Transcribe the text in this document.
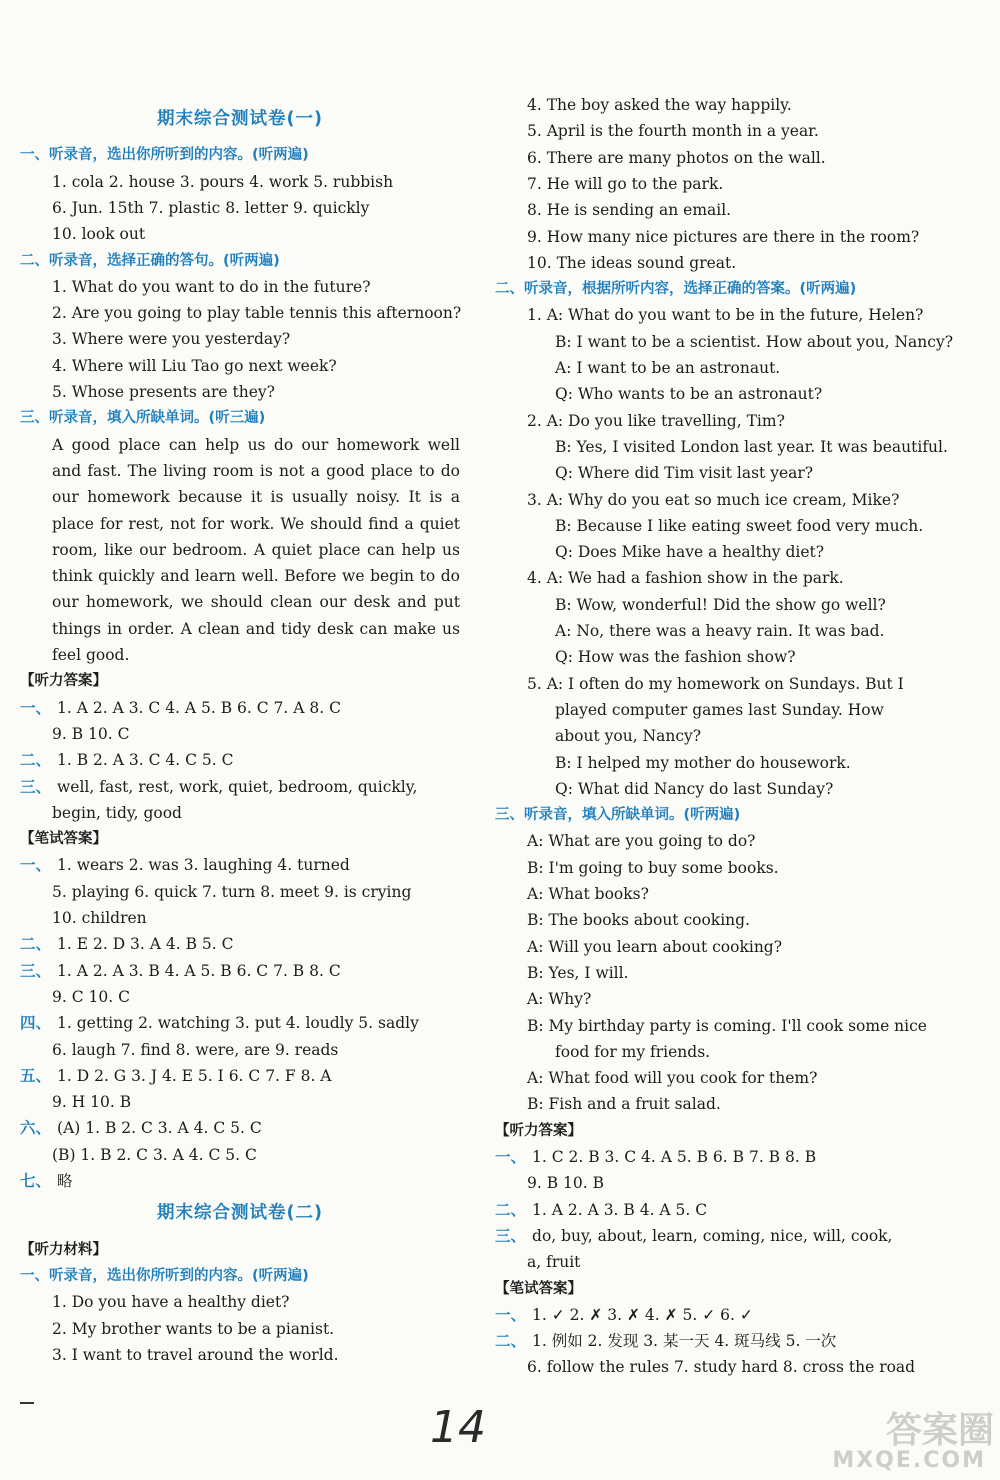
期末综合测试卷(一)
一、听录音，选出你所听到的内容。(听两遍)
1. cola 2. house 3. pours 4. work 5. rubbish
6. Jun. 15th 7. plastic 8. letter 9. quickly
10. look out
二、听录音，选择正确的答句。(听两遍)
1. What do you want to do in the future?
2. Are you going to play table tennis this afternoon?
3. Where were you yesterday?
4. Where will Liu Tao go next week?
5. Whose presents are they?
三、听录音，填入所缺单词。(听三遍)
A good place can help us do our homework well
and fast. The living room is not a good place to do
our homework because it is usually noisy. It is a
place for rest, not for work. We should find a quiet
room, like our bedroom. A quiet place can help us
think quickly and learn well. Before we begin to do
our homework, we should clean our desk and put
things in order. A clean and tidy desk can make us
feel good.
【听力答案】
一、 1. A 2. A 3. C 4. A 5. B 6. C 7. A 8. C
9. B 10. C
二、 1. B 2. A 3. C 4. C 5. C
三、 well, fast, rest, work, quiet, bedroom, quickly,
begin, tidy, good
【笔试答案】
一、 1. wears 2. was 3. laughing 4. turned
5. playing 6. quick 7. turn 8. meet 9. is crying
10. children
二、 1. E 2. D 3. A 4. B 5. C
三、 1. A 2. A 3. B 4. A 5. B 6. C 7. B 8. C
9. C 10. C
四、 1. getting 2. watching 3. put 4. loudly 5. sadly
6. laugh 7. find 8. were, are 9. reads
五、 1. D 2. G 3. J 4. E 5. I 6. C 7. F 8. A
9. H 10. B
六、 (A) 1. B 2. C 3. A 4. C 5. C
(B) 1. B 2. C 3. A 4. C 5. C
七、 略
期末综合测试卷(二)
【听力材料】
一、听录音，选出你所听到的内容。(听两遍)
1. Do you have a healthy diet?
2. My brother wants to be a pianist.
3. I want to travel around the world.
4. The boy asked the way happily.
5. April is the fourth month in a year.
6. There are many photos on the wall.
7. He will go to the park.
8. He is sending an email.
9. How many nice pictures are there in the room?
10. The ideas sound great.
二、听录音，根据所听内容，选择正确的答案。(听两遍)
1. A: What do you want to be in the future, Helen?
B: I want to be a scientist. How about you, Nancy?
A: I want to be an astronaut.
Q: Who wants to be an astronaut?
2. A: Do you like travelling, Tim?
B: Yes, I visited London last year. It was beautiful.
Q: Where did Tim visit last year?
3. A: Why do you eat so much ice cream, Mike?
B: Because I like eating sweet food very much.
Q: Does Mike have a healthy diet?
4. A: We had a fashion show in the park.
B: Wow, wonderful! Did the show go well?
A: No, there was a heavy rain. It was bad.
Q: How was the fashion show?
5. A: I often do my homework on Sundays. But I
played computer games last Sunday. How
about you, Nancy?
B: I helped my mother do housework.
Q: What did Nancy do last Sunday?
三、听录音，填入所缺单词。(听两遍)
A: What are you going to do?
B: I'm going to buy some books.
A: What books?
B: The books about cooking.
A: Will you learn about cooking?
B: Yes, I will.
A: Why?
B: My birthday party is coming. I'll cook some nice
food for my friends.
A: What food will you cook for them?
B: Fish and a fruit salad.
【听力答案】
一、 1. C 2. B 3. C 4. A 5. B 6. B 7. B 8. B
9. B 10. B
二、 1. A 2. A 3. B 4. A 5. C
三、 do, buy, about, learn, coming, nice, will, cook,
a, fruit
【笔试答案】
一、 1. ✓ 2. ✗ 3. ✗ 4. ✗ 5. ✓ 6. ✓
二、 1. 例如 2. 发现 3. 某一天 4. 斑马线 5. 一次
6. follow the rules 7. study hard 8. cross the road
14	答案圈
MXQE.COM
